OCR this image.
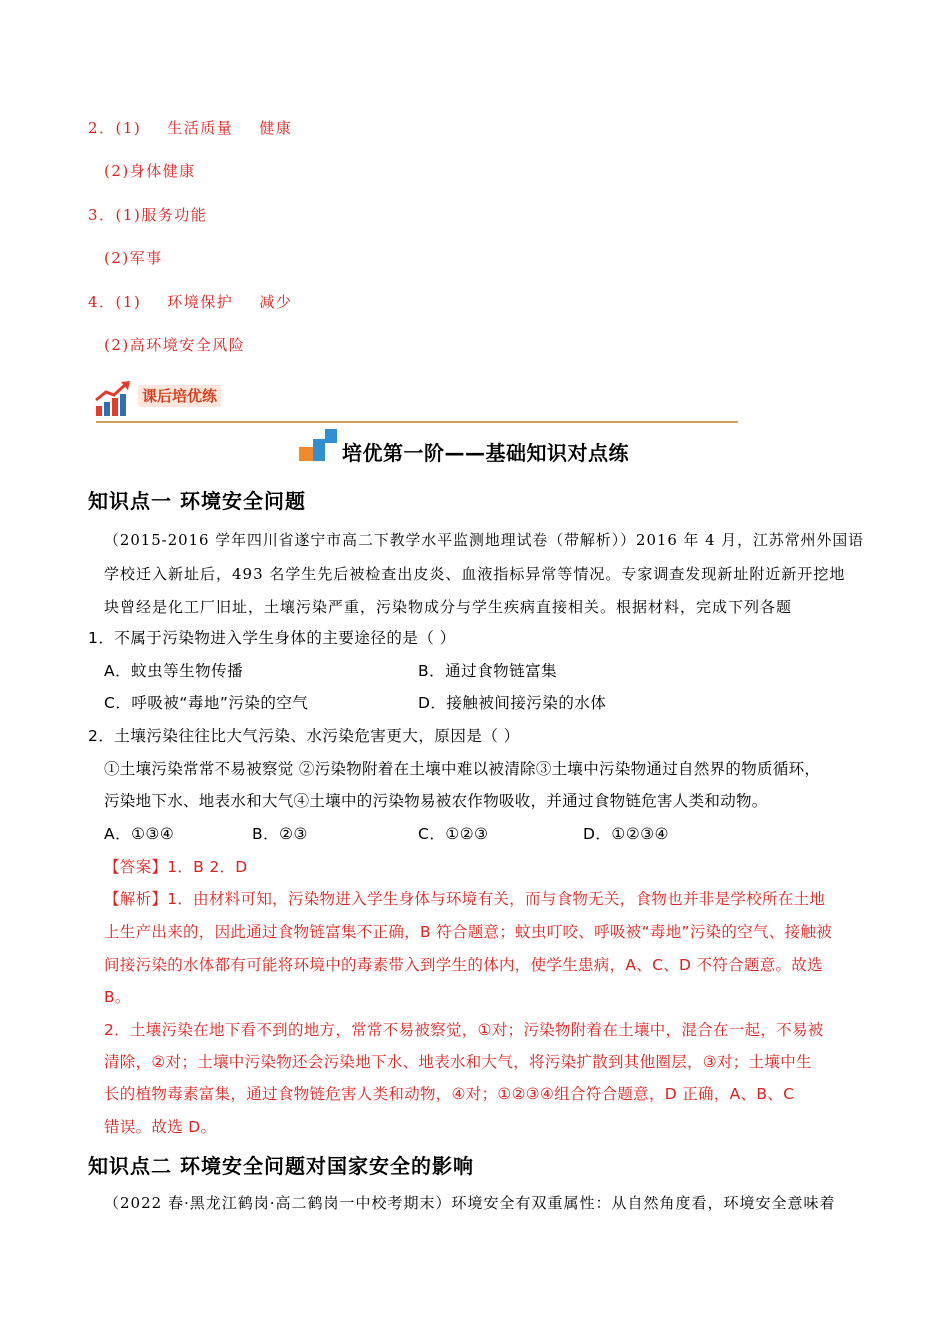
2．(1) 生活质量 健康
(2)身体健康
3．(1)服务功能
(2)军事
4．(1) 环境保护 减少
(2)高环境安全风险
课后培优练
培优第一阶——基础知识对点练
知识点一 环境安全问题
（2015-2016 学年四川省遂宁市高二下教学水平监测地理试卷（带解析））2016 年 4 月，江苏常州外国语
学校迁入新址后，493 名学生先后被检查出皮炎、血液指标异常等情况。专家调查发现新址附近新开挖地
块曾经是化工厂旧址，土壤污染严重，污染物成分与学生疾病直接相关。根据材料，完成下列各题
1．不属于污染物进入学生身体的主要途径的是（ ）
A．蚊虫等生物传播	B．通过食物链富集
C．呼吸被“毒地”污染的空气	D．接触被间接污染的水体
2．土壤污染往往比大气污染、水污染危害更大，原因是（ ）
①土壤污染常常不易被察觉 ②污染物附着在土壤中难以被清除③土壤中污染物通过自然界的物质循环，
污染地下水、地表水和大气④土壤中的污染物易被农作物吸收，并通过食物链危害人类和动物。
A．①③④	B．②③	C．①②③	D．①②③④
【答案】1．B 2．D
【解析】1．由材料可知，污染物进入学生身体与环境有关，而与食物无关，食物也并非是学校所在土地
上生产出来的，因此通过食物链富集不正确，B 符合题意；蚊虫叮咬、呼吸被“毒地”污染的空气、接触被
间接污染的水体都有可能将环境中的毒素带入到学生的体内，使学生患病，A、C、D 不符合题意。故选
B。
2．土壤污染在地下看不到的地方，常常不易被察觉，①对；污染物附着在土壤中，混合在一起，不易被
清除，②对；土壤中污染物还会污染地下水、地表水和大气，将污染扩散到其他圈层，③对；土壤中生
长的植物毒素富集，通过食物链危害人类和动物，④对；①②③④组合符合题意，D 正确，A、B、C
错误。故选 D。
知识点二 环境安全问题对国家安全的影响
（2022 春·黑龙江鹤岗·高二鹤岗一中校考期末）环境安全有双重属性：从自然角度看，环境安全意味着
